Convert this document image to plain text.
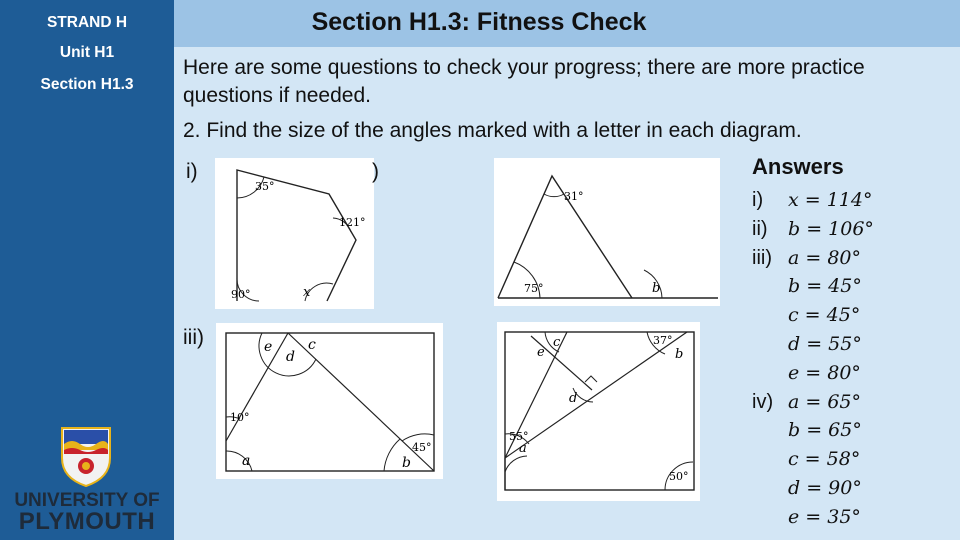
STRAND H
Unit H1
Section H1.3
UNIVERSITY OF
PLYMOUTH
Section H1.3: Fitness Check
Here are some questions to check your progress; there are more practice questions if needed.
2. Find the size of the angles marked with a letter in each diagram.
i)
iii)
35°
121°
90°	x
)
31°
75°	b
e
d
c
10°
a	b
45°
e
c	37°
b
d
55°
a
50°
Answers
i) x = 114°
ii) b = 106°
iii) a = 80°
b = 45°
c = 45°
d = 55°
e = 80°
iv) a = 65°
b = 65°
c = 58°
d = 90°
e = 35°
